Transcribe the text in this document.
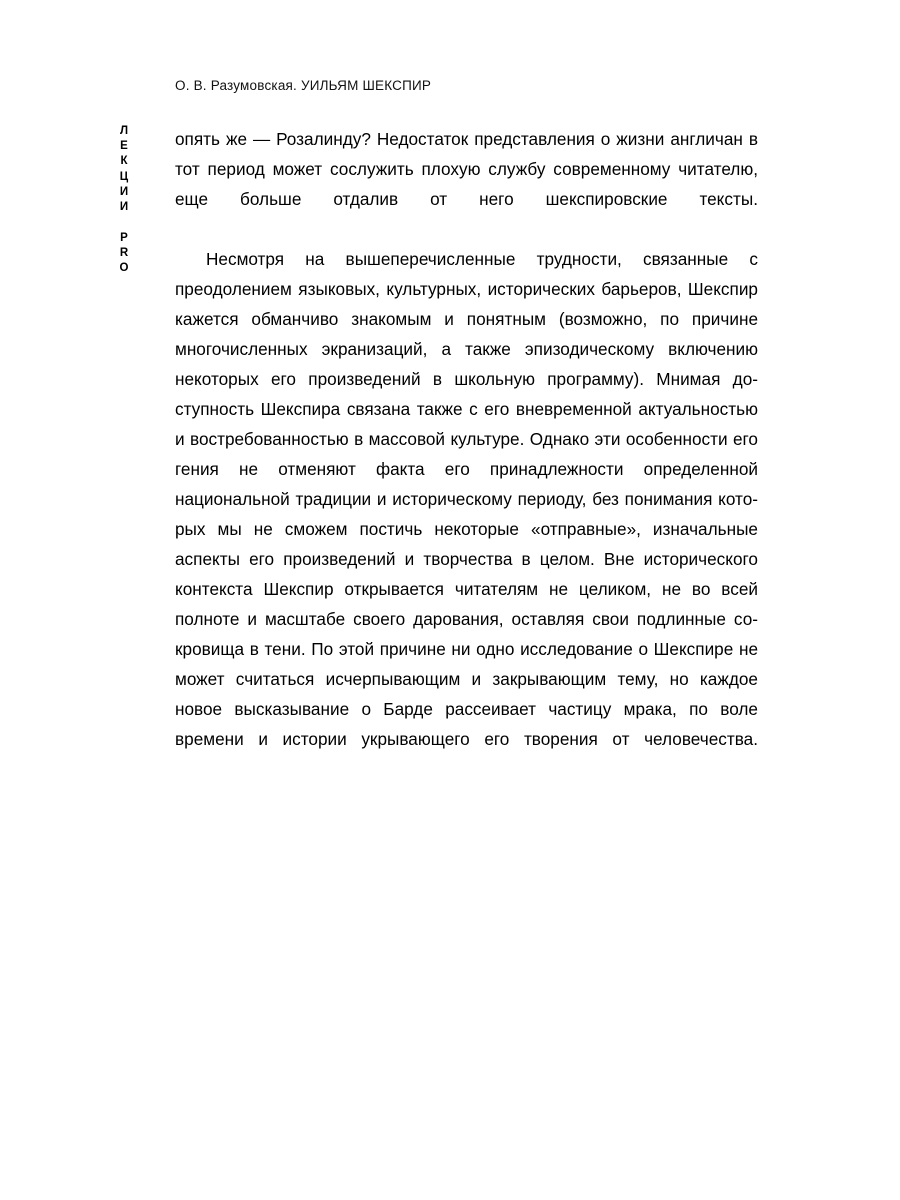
О. В. Разумовская. УИЛЬЯМ ШЕКСПИР
Л
Е
К
Ц
И
И
P
R
O

опять же — Розалинду? Недостаток представления о жизни англичан в тот период может сослужить плохую службу современному читателю, еще больше отдалив от него шекспировские тексты.

Несмотря на вышеперечисленные трудности, связанные с преодолением языковых, культурных, исторических барьеров, Шекспир кажется обманчиво знакомым и понятным (возможно, по причине многочисленных экранизаций, а также эпизодическому включению некоторых его произведений в школьную программу). Мнимая доступность Шекспира связана также с его вневременной актуальностью и востребованностью в массовой культуре. Однако эти особенности его гения не отменяют факта его принадлежности определенной национальной традиции и историческому периоду, без понимания которых мы не сможем постичь некоторые «отправные», изначальные аспекты его произведений и творчества в целом. Вне исторического контекста Шекспир открывается читателям не целиком, не во всей полноте и масштабе своего дарования, оставляя свои подлинные сокровища в тени. По этой причине ни одно исследование о Шекспире не может считаться исчерпывающим и закрывающим тему, но каждое новое высказывание о Барде рассеивает частицу мрака, по воле времени и истории укрывающего его творения от человечества.
